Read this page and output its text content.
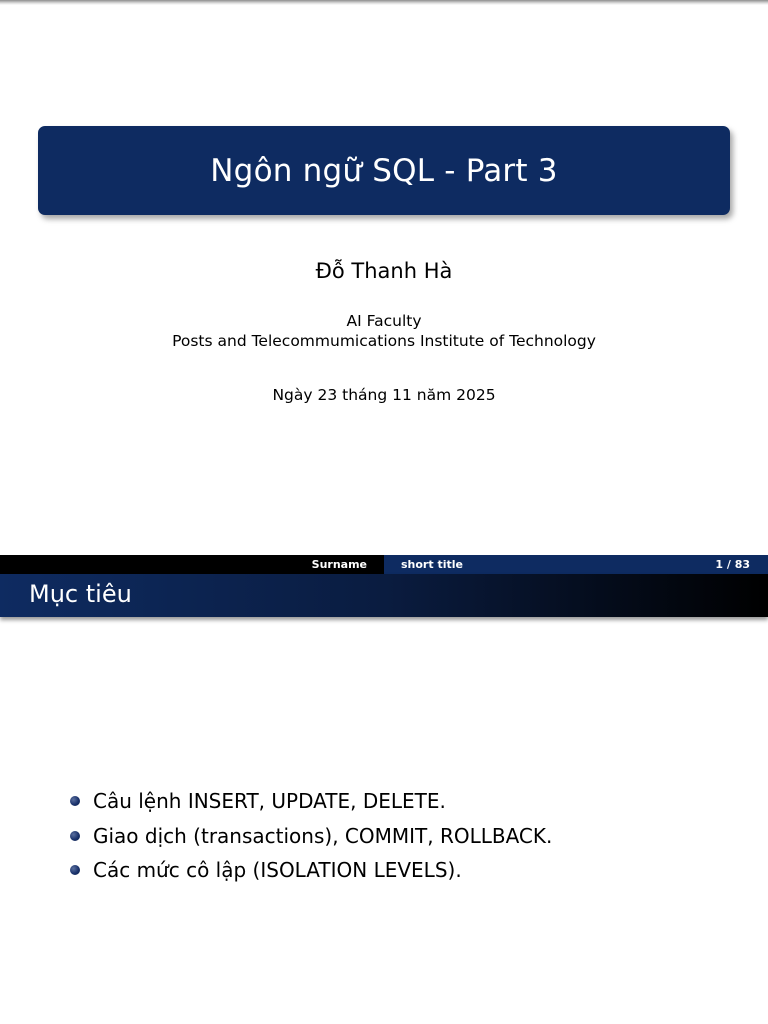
Ngôn ngữ SQL - Part 3
Đỗ Thanh Hà
AI Faculty
Posts and Telecommumications Institute of Technology
Ngày 23 tháng 11 năm 2025
Surname	short title	1 / 83
Mục tiêu
Câu lệnh INSERT, UPDATE, DELETE.
Giao dịch (transactions), COMMIT, ROLLBACK.
Các mức cô lập (ISOLATION LEVELS).
